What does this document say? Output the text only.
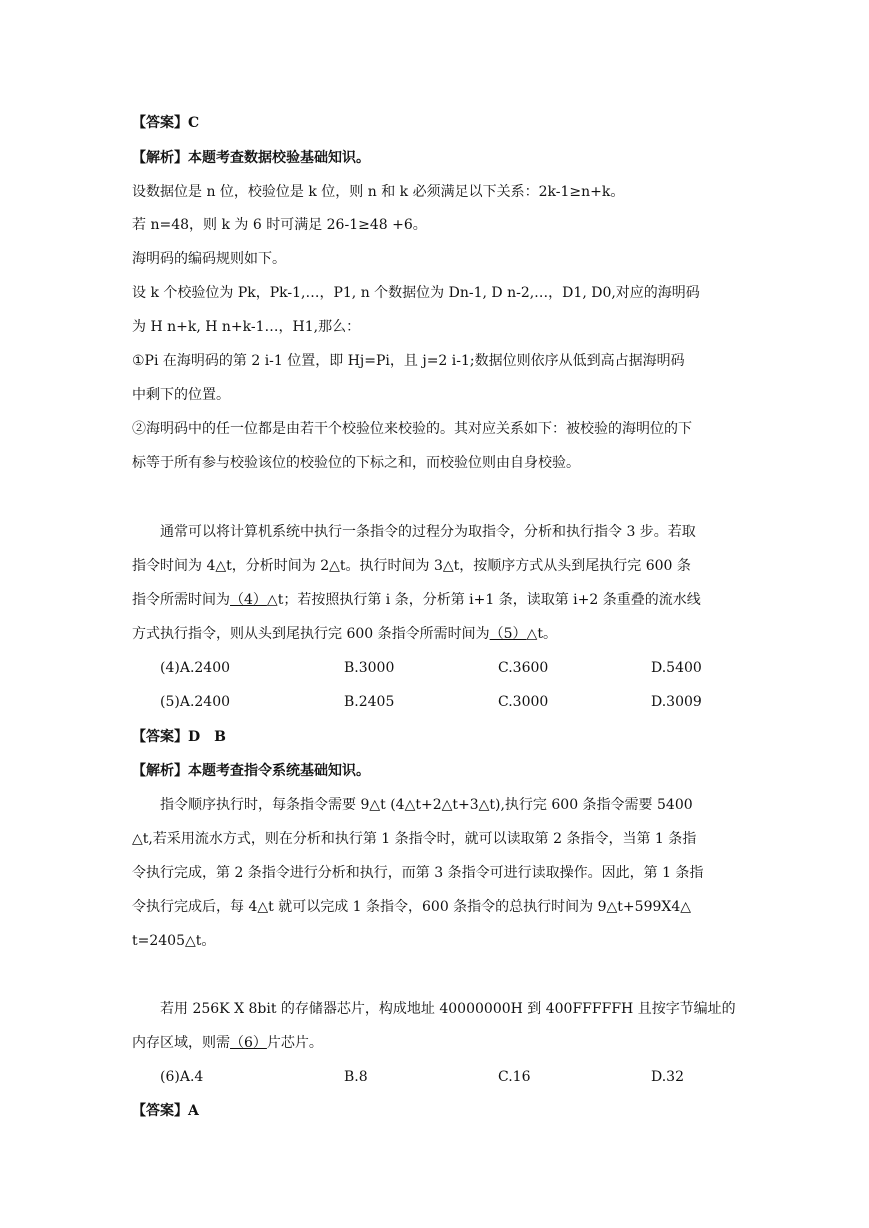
【答案】C
【解析】本题考查数据校验基础知识。
设数据位是 n 位，校验位是 k 位，则 n 和 k 必须满足以下关系：2k-1≥n+k。
若 n=48，则 k 为 6 时可满足 26-1≥48 +6。
海明码的编码规则如下。
设 k 个校验位为 Pk，Pk-1,…，P1, n 个数据位为 Dn-1, D n-2,…，D1, D0,对应的海明码
为 H n+k, H n+k-1…，H1,那么：
①Pi 在海明码的第 2 i-1 位置，即 Hj=Pi，且 j=2 i-1;数据位则依序从低到高占据海明码
中剩下的位置。
②海明码中的任一位都是由若干个校验位来校验的。其对应关系如下：被校验的海明位的下
标等于所有参与校验该位的校验位的下标之和，而校验位则由自身校验。
通常可以将计算机系统中执行一条指令的过程分为取指令，分析和执行指令 3 步。若取
指令时间为 4△t，分析时间为 2△t。执行时间为 3△t，按顺序方式从头到尾执行完 600 条
指令所需时间为（4）△t；若按照执行第 i 条，分析第 i+1 条，读取第 i+2 条重叠的流水线
方式执行指令，则从头到尾执行完 600 条指令所需时间为（5）△t。
(4)A.2400	B.3000	C.3600	D.5400
(5)A.2400	B.2405	C.3000	D.3009
【答案】D　B
【解析】本题考查指令系统基础知识。
指令顺序执行时，每条指令需要 9△t (4△t+2△t+3△t),执行完 600 条指令需要 5400
△t,若采用流水方式，则在分析和执行第 1 条指令时，就可以读取第 2 条指令，当第 1 条指
令执行完成，第 2 条指令进行分析和执行，而第 3 条指令可进行读取操作。因此，第 1 条指
令执行完成后，每 4△t 就可以完成 1 条指令，600 条指令的总执行时间为 9△t+599X4△
t=2405△t。
若用 256K X 8bit 的存储器芯片，构成地址 40000000H 到 400FFFFFH 且按字节编址的
内存区域，则需（6）片芯片。
(6)A.4	B.8	C.16	D.32
【答案】A
